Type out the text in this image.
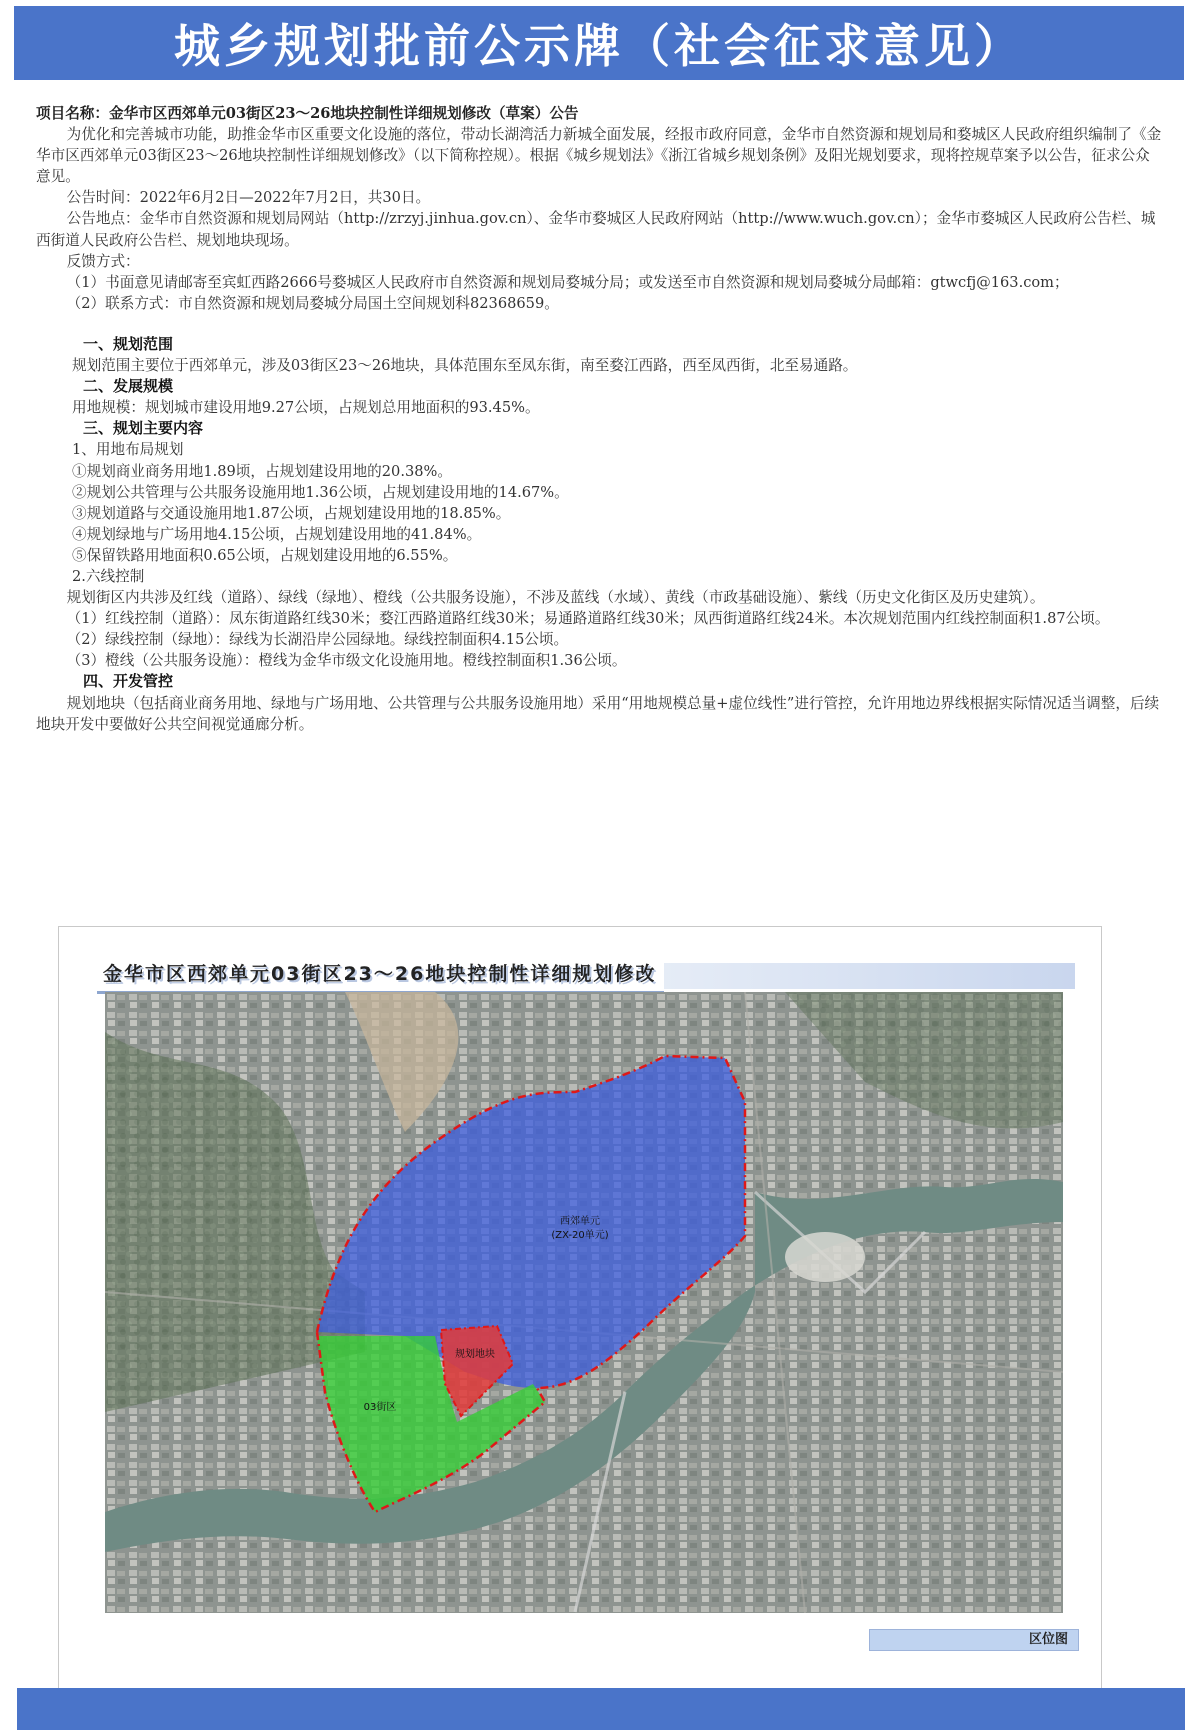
城乡规划批前公示牌（社会征求意见）

项目名称：金华市区西郊单元03街区23～26地块控制性详细规划修改（草案）公告

为优化和完善城市功能，助推金华市区重要文化设施的落位，带动长湖湾活力新城全面发展，经报市政府同意，金华市自然资源和规划局和婺城区人民政府组织编制了《金华市区西郊单元03街区23～26地块控制性详细规划修改》（以下简称控规）。根据《城乡规划法》《浙江省城乡规划条例》及阳光规划要求，现将控规草案予以公告，征求公众意见。

公告时间：2022年6月2日—2022年7月2日，共30日。

公告地点：金华市自然资源和规划局网站（http://zrzyj.jinhua.gov.cn）、金华市婺城区人民政府网站（http://www.wuch.gov.cn）；金华市婺城区人民政府公告栏、城西街道人民政府公告栏、规划地块现场。

反馈方式：

（1）书面意见请邮寄至宾虹西路2666号婺城区人民政府市自然资源和规划局婺城分局；或发送至市自然资源和规划局婺城分局邮箱：gtwcfj@163.com；

（2）联系方式：市自然资源和规划局婺城分局国土空间规划科82368659。

一、规划范围

规划范围主要位于西郊单元，涉及03街区23～26地块，具体范围东至凤东街，南至婺江西路，西至凤西街，北至易通路。

二、发展规模

用地规模：规划城市建设用地9.27公顷，占规划总用地面积的93.45%。

三、规划主要内容

1、用地布局规划

①规划商业商务用地1.89顷，占规划建设用地的20.38%。

②规划公共管理与公共服务设施用地1.36公顷，占规划建设用地的14.67%。

③规划道路与交通设施用地1.87公顷，占规划建设用地的18.85%。

④规划绿地与广场用地4.15公顷，占规划建设用地的41.84%。

⑤保留铁路用地面积0.65公顷，占规划建设用地的6.55%。

2.六线控制

规划街区内共涉及红线（道路）、绿线（绿地）、橙线（公共服务设施），不涉及蓝线（水域）、黄线（市政基础设施）、紫线（历史文化街区及历史建筑）。

（1）红线控制（道路）：凤东街道路红线30米；婺江西路道路红线30米；易通路道路红线30米；凤西街道路红线24米。本次规划范围内红线控制面积1.87公顷。

（2）绿线控制（绿地）：绿线为长湖沿岸公园绿地。绿线控制面积4.15公顷。

（3）橙线（公共服务设施）：橙线为金华市级文化设施用地。橙线控制面积1.36公顷。

四、开发管控

规划地块（包括商业商务用地、绿地与广场用地、公共管理与公共服务设施用地）采用“用地规模总量+虚位线性”进行管控，允许用地边界线根据实际情况适当调整，后续地块开发中要做好公共空间视觉通廊分析。

金华市区西郊单元03街区23～26地块控制性详细规划修改
西郊单元
(ZX-20单元)
规划地块
03街区
区位图
